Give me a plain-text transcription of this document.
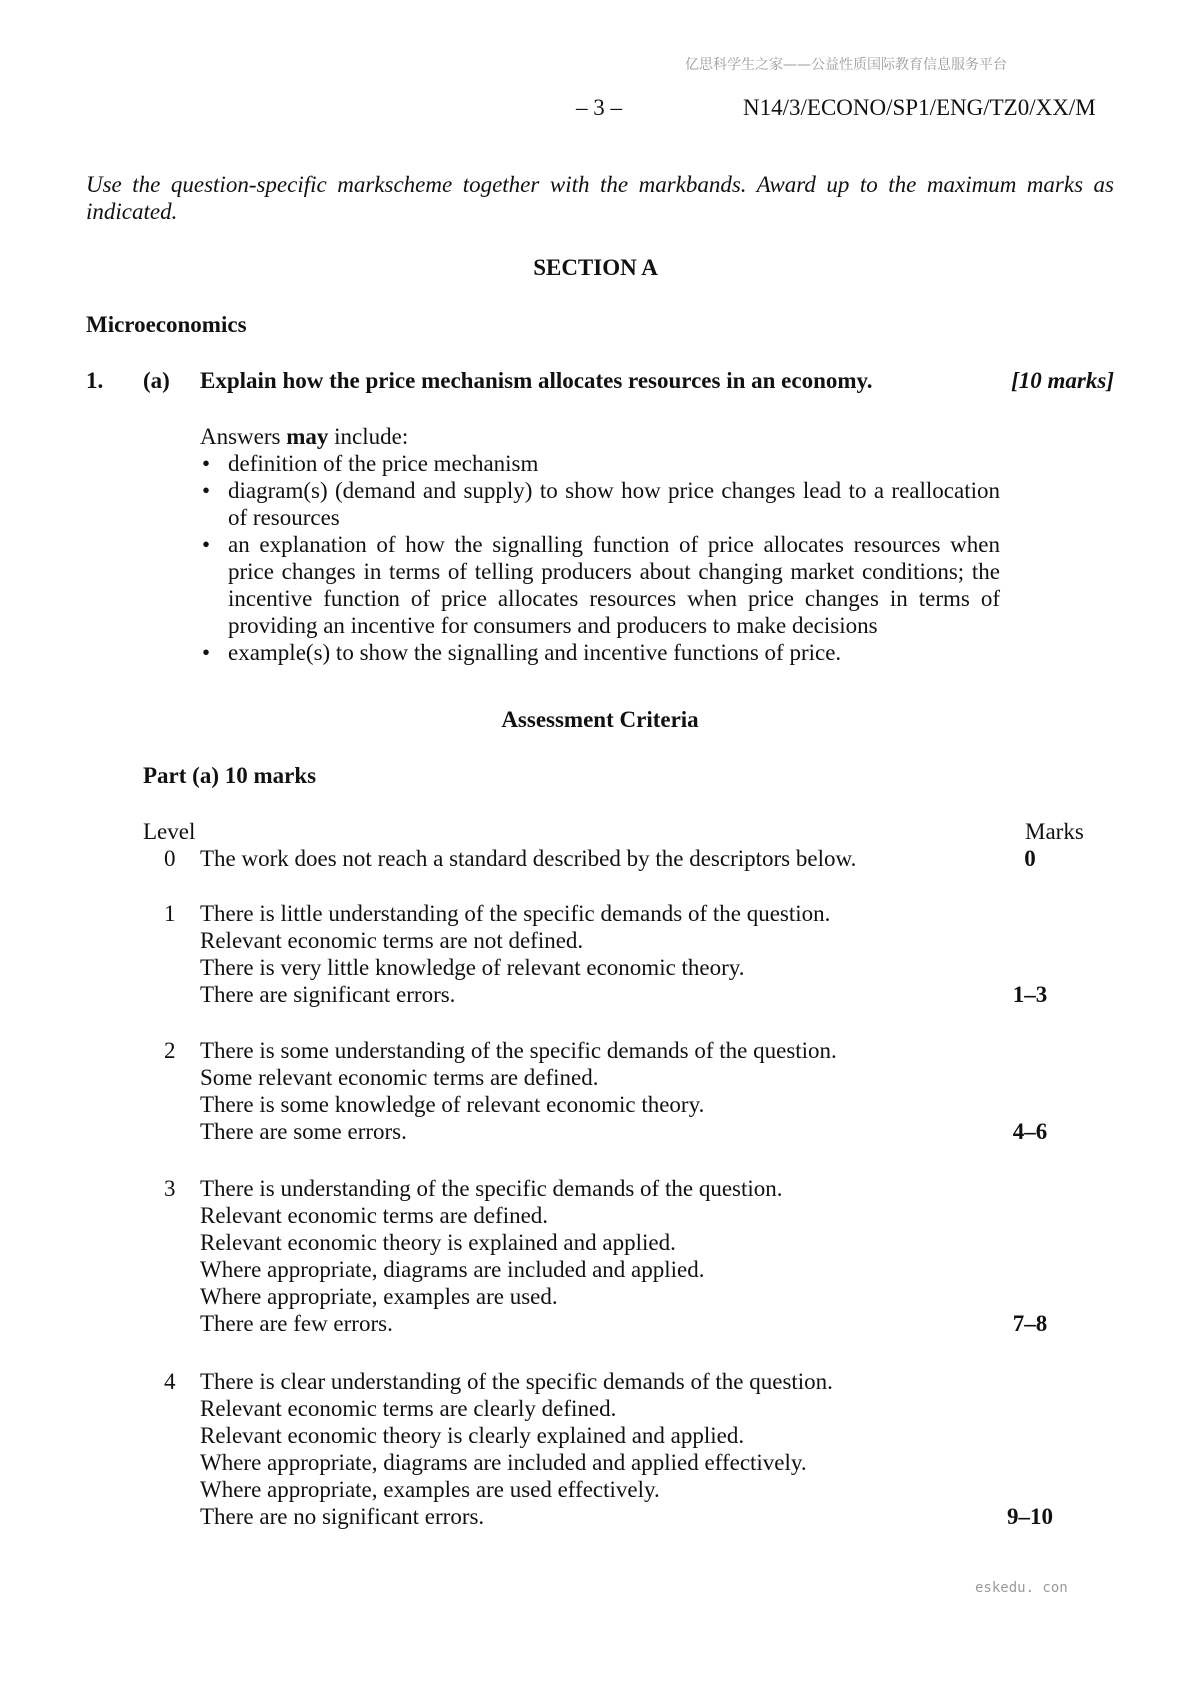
亿思科学生之家——公益性质国际教育信息服务平台
– 3 –	N14/3/ECONO/SP1/ENG/TZ0/XX/M
Use the question-specific markscheme together with the markbands. Award up to the maximum marks as indicated.
SECTION A
Microeconomics
1. (a) Explain how the price mechanism allocates resources in an economy.	[10 marks]
Answers may include:
• definition of the price mechanism
• diagram(s) (demand and supply) to show how price changes lead to a reallocation of resources
• an explanation of how the signalling function of price allocates resources when price changes in terms of telling producers about changing market conditions; the incentive function of price allocates resources when price changes in terms of providing an incentive for consumers and producers to make decisions
• example(s) to show the signalling and incentive functions of price.
Assessment Criteria
Part (a) 10 marks
Level	Marks
0 The work does not reach a standard described by the descriptors below.	0
1 There is little understanding of the specific demands of the question.
Relevant economic terms are not defined.
There is very little knowledge of relevant economic theory.
There are significant errors.	1–3
2 There is some understanding of the specific demands of the question.
Some relevant economic terms are defined.
There is some knowledge of relevant economic theory.
There are some errors.	4–6
3 There is understanding of the specific demands of the question.
Relevant economic terms are defined.
Relevant economic theory is explained and applied.
Where appropriate, diagrams are included and applied.
Where appropriate, examples are used.
There are few errors.	7–8
4 There is clear understanding of the specific demands of the question.
Relevant economic terms are clearly defined.
Relevant economic theory is clearly explained and applied.
Where appropriate, diagrams are included and applied effectively.
Where appropriate, examples are used effectively.
There are no significant errors.	9–10
eskedu. con
